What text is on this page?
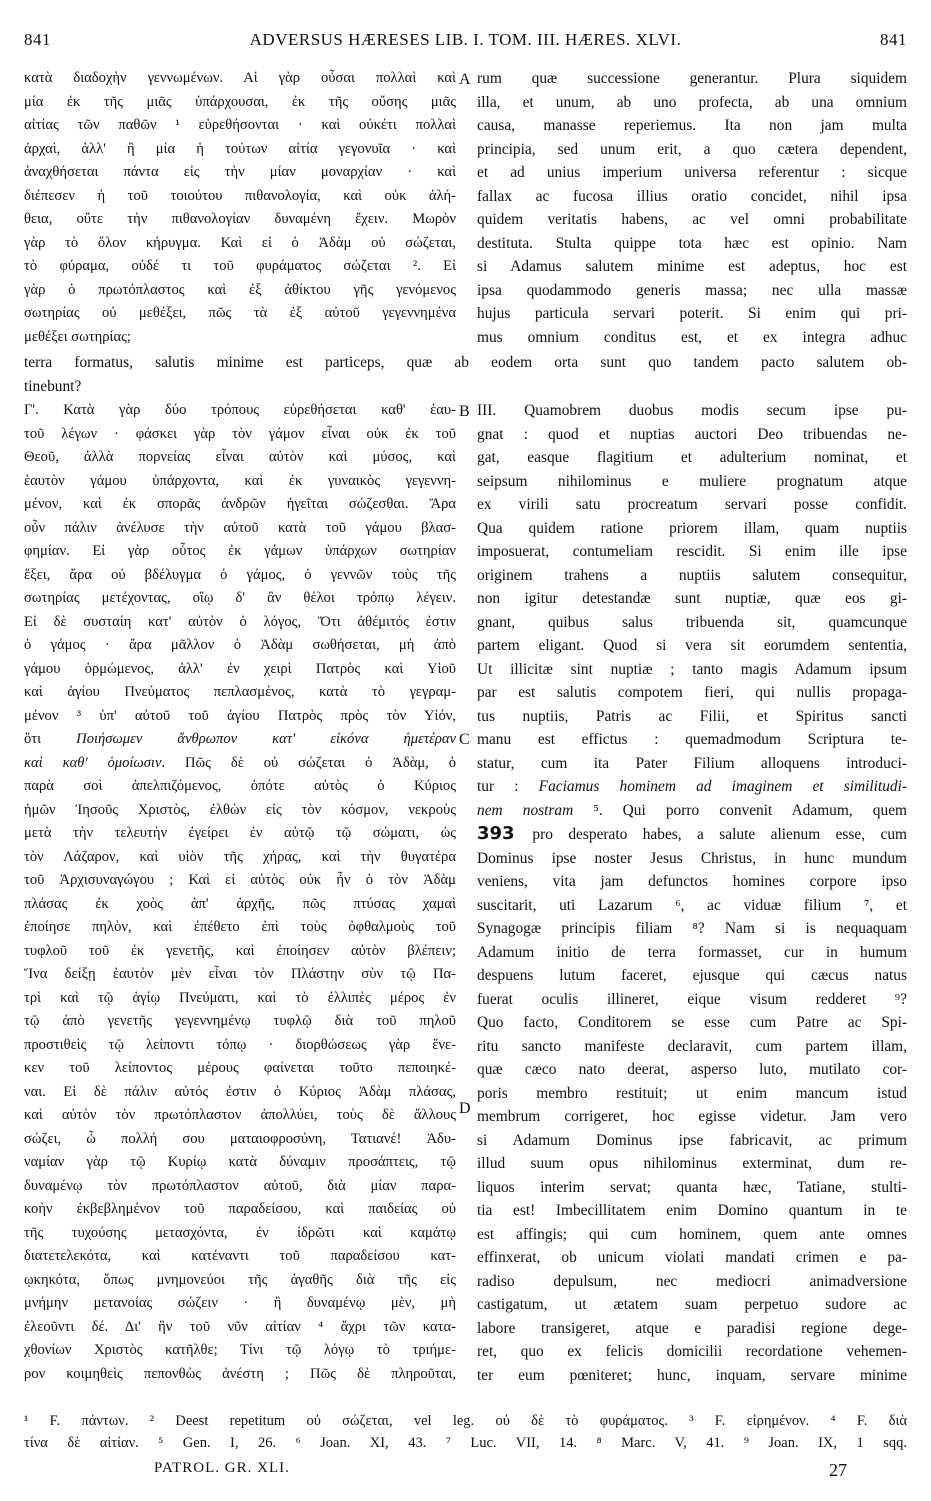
841	ADVERSUS HÆRESES LIB. I. TOM. III. HÆRES. XLVI.	841
κατὰ διαδοχὴν γεννωμένων. Αἱ γὰρ οὖσαι πολλαὶ καὶ
μία ἐκ τῆς μιᾶς ὑπάρχουσαι, ἐκ τῆς οὔσης μιᾶς
αἰτίας τῶν παθῶν ¹ εὑρεθήσονται · καὶ οὐκέτι πολλαὶ
ἀρχαὶ, ἀλλ' ἢ μία ἡ τούτων αἰτία γεγονυῖα · καὶ
ἀναχθήσεται πάντα εἰς τὴν μίαν μοναρχίαν · καὶ
διέπεσεν ἡ τοῦ τοιούτου πιθανολογία, καὶ οὐκ ἀλή-
θεια, οὔτε τὴν πιθανολογίαν δυναμένη ἔχειν. Μωρὸν
γὰρ τὸ ὅλον κήρυγμα. Καὶ εἰ ὁ Ἀδὰμ οὐ σώζεται,
τὸ φύραμα, οὐδέ τι τοῦ φυράματος σώζεται ². Εἰ
γὰρ ὁ πρωτόπλαστος καὶ ἐξ ἀθίκτου γῆς γενόμενος
σωτηρίας οὐ μεθέξει, πῶς τὰ ἐξ αὐτοῦ γεγεννημένα
μεθέξει σωτηρίας;
rum quæ successione generantur. Plura siquidem
illa, et unum, ab uno profecta, ab una omnium
causa, manasse reperiemus. Ita non jam multa
principia, sed unum erit, a quo cætera dependent,
et ad unius imperium universa referentur : sicque
fallax ac fucosa illius oratio concidet, nihil ipsa
quidem veritatis habens, ac vel omni probabilitate
destituta. Stulta quippe tota hæc est opinio. Nam
si Adamus salutem minime est adeptus, hoc est
ipsa quodammodo generis massa; nec ulla massæ
hujus particula servari poterit. Si enim qui pri-
mus omnium conditus est, et ex integra adhuc
terra formatus, salutis minime est particeps, quæ ab eodem orta sunt quo tandem pacto salutem ob-
tinebunt?
Γ'. Κατὰ γὰρ δύο τρόπους εὑρεθήσεται καθ' ἑαυ-
τοῦ λέγων · φάσκει γὰρ τὸν γάμον εἶναι οὐκ ἐκ τοῦ
Θεοῦ, ἀλλὰ πορνείας εἶναι αὐτὸν καὶ μύσος, καὶ
ἑαυτὸν γάμου ὑπάρχοντα, καὶ ἐκ γυναικὸς γεγεννη-
μένον, καὶ ἐκ σπορᾶς ἀνδρῶν ἡγεῖται σώζεσθαι. Ἄρα
οὖν πάλιν ἀνέλυσε τὴν αὐτοῦ κατὰ τοῦ γάμου βλασ-
φημίαν. Εἰ γὰρ οὗτος ἐκ γάμων ὑπάρχων σωτηρίαν
ἕξει, ἄρα οὐ βδέλυγμα ὁ γάμος, ὁ γεννῶν τοὺς τῆς
σωτηρίας μετέχοντας, οἵῳ δ' ἂν θέλοι τρόπῳ λέγειν.
Εἰ δὲ συσταίη κατ' αὐτὸν ὁ λόγος, Ὅτι ἀθέμιτός ἐστιν
ὁ γάμος · ἄρα μᾶλλον ὁ Ἀδὰμ σωθήσεται, μὴ ἀπὸ
γάμου ὁρμώμενος, ἀλλ' ἐν χειρὶ Πατρὸς καὶ Υἱοῦ
καὶ ἁγίου Πνεύματος πεπλασμένος, κατὰ τὸ γεγραμ-
μένον ³ ὑπ' αὐτοῦ τοῦ ἁγίου Πατρὸς πρὸς τὸν Υἱόν,
ὅτι Ποιήσωμεν ἄνθρωπον κατ' εἰκόνα ἡμετέραν
καὶ καθ' ὁμοίωσιν. Πῶς δὲ οὐ σώζεται ὁ Ἀδὰμ, ὁ
παρὰ σοὶ ἀπελπιζόμενος, ὁπότε αὐτὸς ὁ Κύριος
ἡμῶν Ἰησοῦς Χριστὸς, ἐλθὼν εἰς τὸν κόσμον, νεκροὺς
μετὰ τὴν τελευτὴν ἐγείρει ἐν αὐτῷ τῷ σώματι, ὡς
τὸν Λάζαρον, καὶ υἱὸν τῆς χήρας, καὶ τὴν θυγατέρα
τοῦ Ἀρχισυναγώγου ; Καὶ εἰ αὐτὸς οὐκ ἦν ὁ τὸν Ἀδὰμ
πλάσας ἐκ χοὸς ἀπ' ἀρχῆς, πῶς πτύσας χαμαὶ
ἐποίησε πηλὸν, καὶ ἐπέθετο ἐπὶ τοὺς ὀφθαλμοὺς τοῦ
τυφλοῦ τοῦ ἐκ γενετῆς, καὶ ἐποίησεν αὐτὸν βλέπειν;
Ἵνα δείξῃ ἑαυτὸν μὲν εἶναι τὸν Πλάστην σὺν τῷ Πα-
τρὶ καὶ τῷ ἁγίῳ Πνεύματι, καὶ τὸ ἐλλιπὲς μέρος ἐν
τῷ ἀπὸ γενετῆς γεγεννημένῳ τυφλῷ διὰ τοῦ πηλοῦ
προστιθεὶς τῷ λείποντι τόπῳ · διορθώσεως γὰρ ἕνε-
κεν τοῦ λείποντος μέρους φαίνεται τοῦτο πεποιηκέ-
ναι. Εἰ δὲ πάλιν αὐτός ἐστιν ὁ Κύριος Ἀδὰμ πλάσας,
καὶ αὐτὸν τὸν πρωτόπλαστον ἀπολλύει, τοὺς δὲ ἄλλους
σώζει, ὦ πολλή σου ματαιοφροσύνη, Τατιανέ! Ἀδυ-
ναμίαν γὰρ τῷ Κυρίῳ κατὰ δύναμιν προσάπτεις, τῷ
δυναμένῳ τὸν πρωτόπλαστον αὐτοῦ, διὰ μίαν παρα-
κοὴν ἐκβεβλημένον τοῦ παραδείσου, καὶ παιδείας οὐ
τῆς τυχούσης μετασχόντα, ἐν ἱδρῶτι καὶ καμάτῳ
διατετελεκότα, καὶ κατέναντι τοῦ παραδείσου κατ-
ῳκηκότα, ὅπως μνημονεύοι τῆς ἀγαθῆς διὰ τῆς εἰς
μνήμην μετανοίας σώζειν · ἢ δυναμένῳ μὲν, μὴ
ἐλεοῦντι δέ. Δι' ἣν τοῦ νῦν αἰτίαν ⁴ ἄχρι τῶν κατα-
χθονίων Χριστὸς κατῆλθε; Τίνι τῷ λόγῳ τὸ τριήμε-
ρον κοιμηθεὶς πεπονθὼς ἀνέστη ; Πῶς δὲ πληροῦται,
III. Quamobrem duobus modis secum ipse pu-
gnat : quod et nuptias auctori Deo tribuendas ne-
gat, easque flagitium et adulterium nominat, et
seipsum nihilominus e muliere prognatum atque
ex virili satu procreatum servari posse confidit.
Qua quidem ratione priorem illam, quam nuptiis
imposuerat, contumeliam rescidit. Si enim ille ipse
originem trahens a nuptiis salutem consequitur,
non igitur detestandæ sunt nuptiæ, quæ eos gi-
gnant, quibus salus tribuenda sit, quamcunque
partem eligant. Quod si vera sit eorumdem sententia,
Ut illicitæ sint nuptiæ ; tanto magis Adamum ipsum
par est salutis compotem fieri, qui nullis propaga-
tus nuptiis, Patris ac Filii, et Spiritus sancti
manu est effictus : quemadmodum Scriptura te-
statur, cum ita Pater Filium alloquens introduci-
tur : Faciamus hominem ad imaginem et similitudi-
nem nostram ⁵. Qui porro convenit Adamum, quem
393 pro desperato habes, a salute alienum esse, cum
Dominus ipse noster Jesus Christus, in hunc mundum
veniens, vita jam defunctos homines corpore ipso
suscitarit, uti Lazarum ⁶, ac viduæ filium ⁷, et
Synagogæ principis filiam ⁸? Nam si is nequaquam
Adamum initio de terra formasset, cur in humum
despuens lutum faceret, ejusque qui cæcus natus
fuerat oculis illineret, eique visum redderet ⁹?
Quo facto, Conditorem se esse cum Patre ac Spi-
ritu sancto manifeste declaravit, cum partem illam,
quæ cæco nato deerat, asperso luto, mutilato cor-
poris membro restituit; ut enim mancum istud
membrum corrigeret, hoc egisse videtur. Jam vero
si Adamum Dominus ipse fabricavit, ac primum
illud suum opus nihilominus exterminat, dum re-
liquos interim servat; quanta hæc, Tatiane, stulti-
tia est! Imbecillitatem enim Domino quantum in te
est affingis; qui cum hominem, quem ante omnes
effinxerat, ob unicum violati mandati crimen e pa-
radiso depulsum, nec mediocri animadversione
castigatum, ut ætatem suam perpetuo sudore ac
labore transigeret, atque e paradisi regione dege-
ret, quo ex felicis domicilii recordatione vehemen-
ter eum pœniteret; hunc, inquam, servare minime
A
B
C
D
¹ F. πάντων. ² Deest repetitum οὐ σώζεται, vel leg. οὐ δὲ τὸ φυράματος. ³ F. εἰρημένον. ⁴ F. διὰ
τίνα δὲ αἰτίαν. ⁵ Gen. I, 26. ⁶ Joan. XI, 43. ⁷ Luc. VII, 14. ⁸ Marc. V, 41. ⁹ Joan. IX, 1 sqq.
PATROL. GR. XLI.	27
